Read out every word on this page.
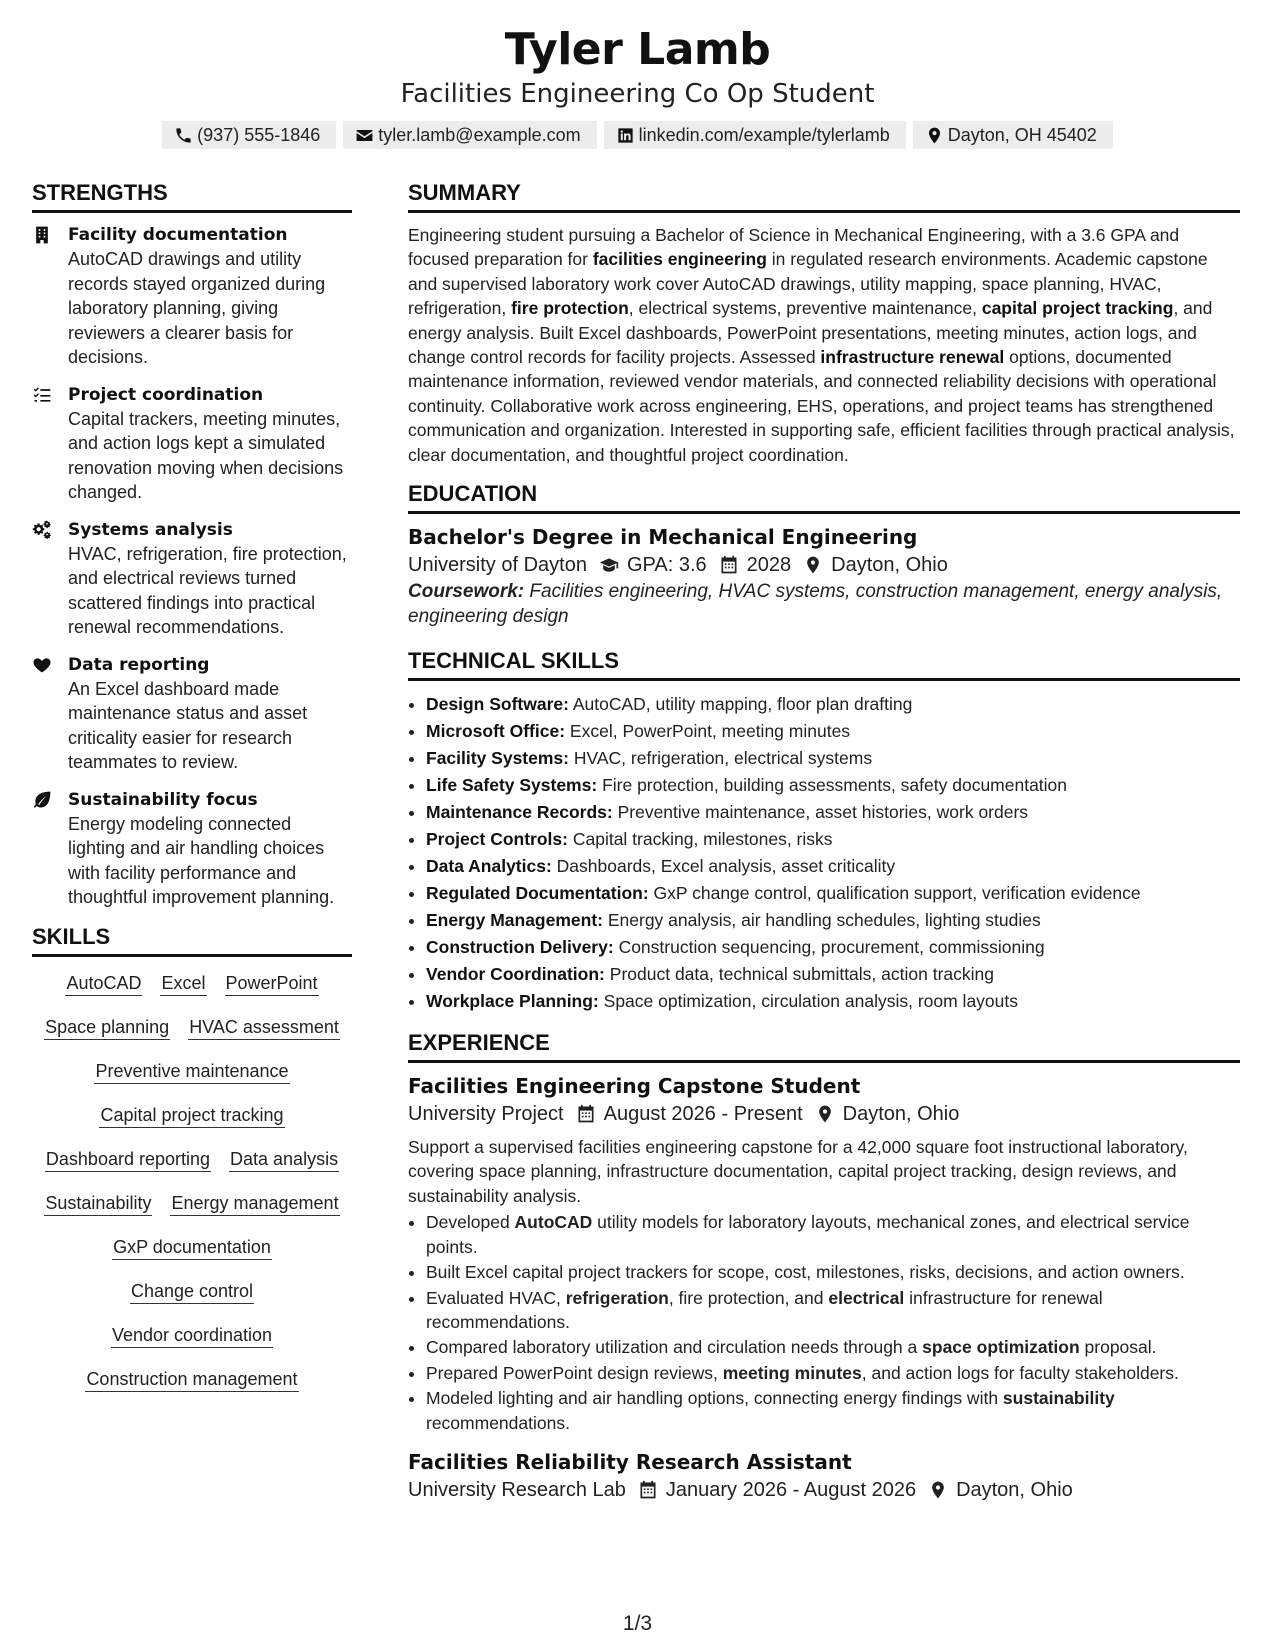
Tyler Lamb
Facilities Engineering Co Op Student
(937) 555-1846	tyler.lamb@example.com	linkedin.com/example/tylerlamb	Dayton, OH 45402
STRENGTHS
Facility documentation
AutoCAD drawings and utility records stayed organized during laboratory planning, giving reviewers a clearer basis for decisions.
Project coordination
Capital trackers, meeting minutes, and action logs kept a simulated renovation moving when decisions changed.
Systems analysis
HVAC, refrigeration, fire protection, and electrical reviews turned scattered findings into practical renewal recommendations.
Data reporting
An Excel dashboard made maintenance status and asset criticality easier for research teammates to review.
Sustainability focus
Energy modeling connected lighting and air handling choices with facility performance and thoughtful improvement planning.
SKILLS
AutoCAD Excel PowerPoint
Space planning HVAC assessment
Preventive maintenance
Capital project tracking
Dashboard reporting Data analysis
Sustainability Energy management
GxP documentation
Change control
Vendor coordination
Construction management
SUMMARY
Engineering student pursuing a Bachelor of Science in Mechanical Engineering, with a 3.6 GPA and focused preparation for facilities engineering in regulated research environments. Academic capstone and supervised laboratory work cover AutoCAD drawings, utility mapping, space planning, HVAC, refrigeration, fire protection, electrical systems, preventive maintenance, capital project tracking, and energy analysis. Built Excel dashboards, PowerPoint presentations, meeting minutes, action logs, and change control records for facility projects. Assessed infrastructure renewal options, documented maintenance information, reviewed vendor materials, and connected reliability decisions with operational continuity. Collaborative work across engineering, EHS, operations, and project teams has strengthened communication and organization. Interested in supporting safe, efficient facilities through practical analysis, clear documentation, and thoughtful project coordination.
EDUCATION
Bachelor's Degree in Mechanical Engineering
University of Dayton GPA: 3.6 2028 Dayton, Ohio
Coursework: Facilities engineering, HVAC systems, construction management, energy analysis, engineering design
TECHNICAL SKILLS
• Design Software: AutoCAD, utility mapping, floor plan drafting
• Microsoft Office: Excel, PowerPoint, meeting minutes
• Facility Systems: HVAC, refrigeration, electrical systems
• Life Safety Systems: Fire protection, building assessments, safety documentation
• Maintenance Records: Preventive maintenance, asset histories, work orders
• Project Controls: Capital tracking, milestones, risks
• Data Analytics: Dashboards, Excel analysis, asset criticality
• Regulated Documentation: GxP change control, qualification support, verification evidence
• Energy Management: Energy analysis, air handling schedules, lighting studies
• Construction Delivery: Construction sequencing, procurement, commissioning
• Vendor Coordination: Product data, technical submittals, action tracking
• Workplace Planning: Space optimization, circulation analysis, room layouts
EXPERIENCE
Facilities Engineering Capstone Student
University Project August 2026 - Present Dayton, Ohio
Support a supervised facilities engineering capstone for a 42,000 square foot instructional laboratory, covering space planning, infrastructure documentation, capital project tracking, design reviews, and sustainability analysis.
• Developed AutoCAD utility models for laboratory layouts, mechanical zones, and electrical service points.
• Built Excel capital project trackers for scope, cost, milestones, risks, decisions, and action owners.
• Evaluated HVAC, refrigeration, fire protection, and electrical infrastructure for renewal recommendations.
• Compared laboratory utilization and circulation needs through a space optimization proposal.
• Prepared PowerPoint design reviews, meeting minutes, and action logs for faculty stakeholders.
• Modeled lighting and air handling options, connecting energy findings with sustainability recommendations.
Facilities Reliability Research Assistant
University Research Lab January 2026 - August 2026 Dayton, Ohio
1/3
